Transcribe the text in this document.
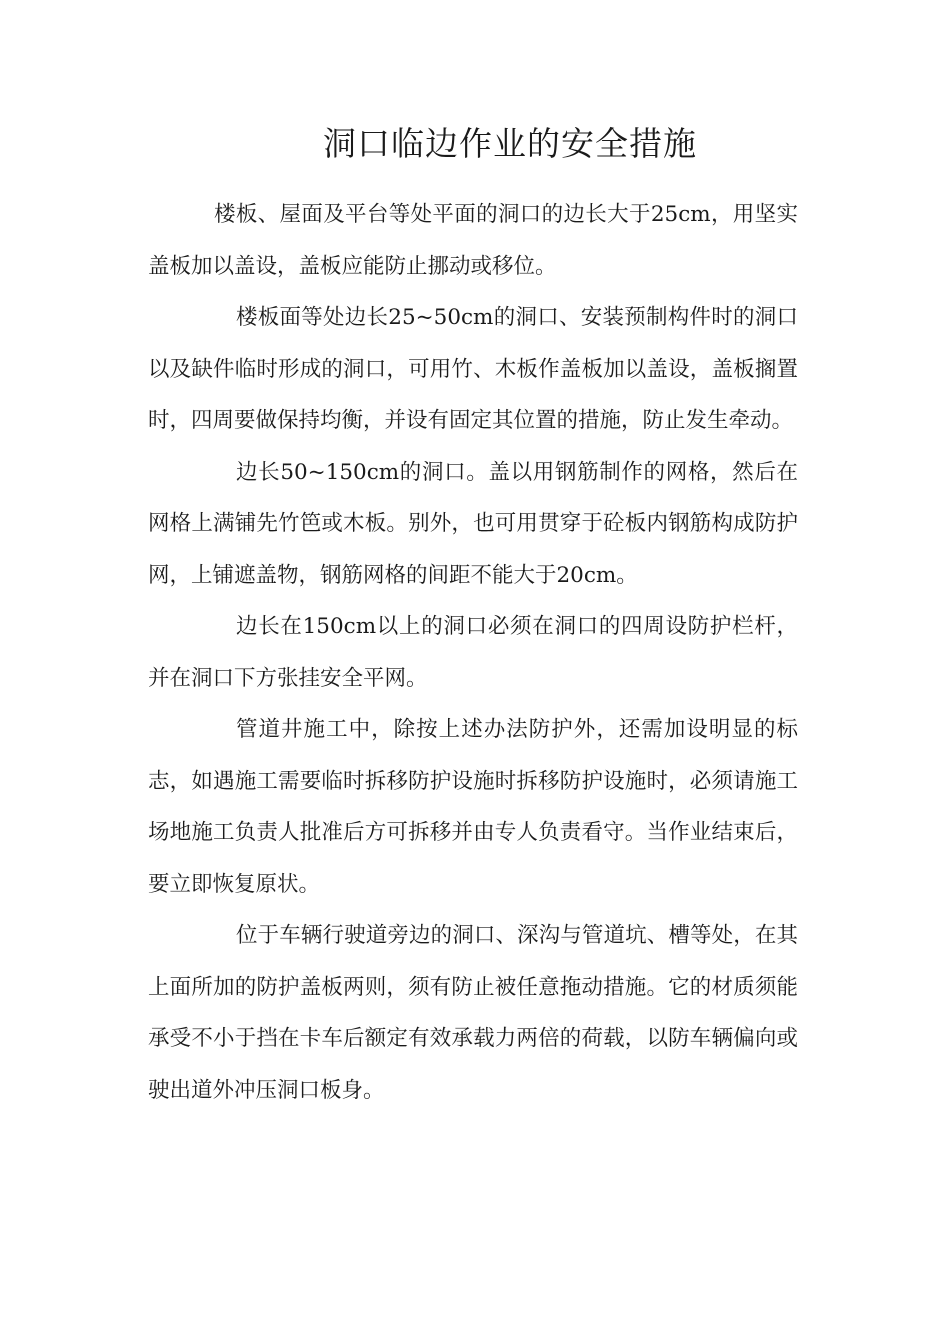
洞口临边作业的安全措施

楼板、屋面及平台等处平面的洞口的边长大于25cm，用坚实盖板加以盖设，盖板应能防止挪动或移位。

楼板面等处边长25~50cm的洞口、安装预制构件时的洞口以及缺件临时形成的洞口，可用竹、木板作盖板加以盖设，盖板搁置时，四周要做保持均衡，并设有固定其位置的措施，防止发生牵动。

边长50~150cm的洞口。盖以用钢筋制作的网格，然后在网格上满铺先竹笆或木板。别外，也可用贯穿于砼板内钢筋构成防护网，上铺遮盖物，钢筋网格的间距不能大于20cm。

边长在150cm以上的洞口必须在洞口的四周设防护栏杆，并在洞口下方张挂安全平网。

管道井施工中，除按上述办法防护外，还需加设明显的标志，如遇施工需要临时拆移防护设施时拆移防护设施时，必须请施工场地施工负责人批准后方可拆移并由专人负责看守。当作业结束后，要立即恢复原状。

位于车辆行驶道旁边的洞口、深沟与管道坑、槽等处，在其上面所加的防护盖板两则，须有防止被任意拖动措施。它的材质须能承受不小于挡在卡车后额定有效承载力两倍的荷载，以防车辆偏向或驶出道外冲压洞口板身。
